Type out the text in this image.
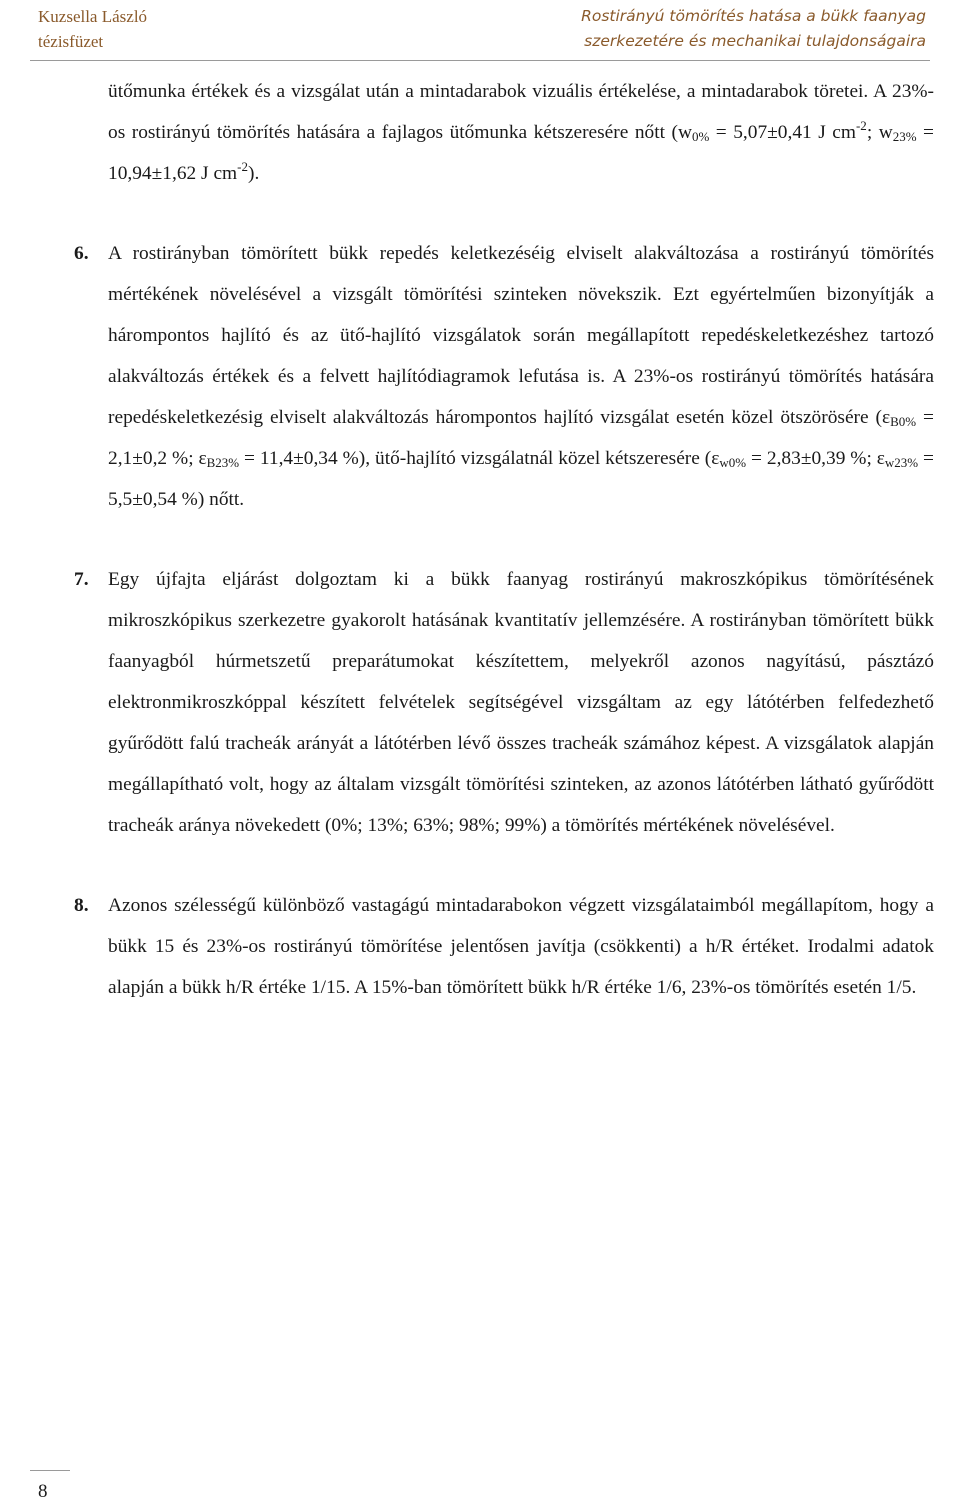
Kuzsella László
tézisfüzet
Rostirányú tömörítés hatása a bükk faanyag
szerkezetére és mechanikai tulajdonságaira

ütőmunka értékek és a vizsgálat után a mintadarabok vizuális értékelése, a mintadarabok töretei. A 23%-os rostirányú tömörítés hatására a fajlagos ütőmunka kétszeresére nőtt ($w_{0\%} = 5,07\pm 0,41$ J $cm^{-2}$; $w_{23\%} = 10,94\pm 1,62$ J $cm^{-2}$).

6. A rostirányban tömörített bükk repedés keletkezéséig elviselt alakváltozása a rostirányú tömörítés mértékének növelésével a vizsgált tömörítési szinteken növekszik. Ezt egyértelműen bizonyítják a hárompontos hajlító és az ütő-hajlító vizsgálatok során megállapított repedéskeletkezéshez tartozó alakváltozás értékek és a felvett hajlítódiagramok lefutása is. A 23%-os rostirányú tömörítés hatására repedéskeletkezésig elviselt alakváltozás hárompontos hajlító vizsgálat esetén közel ötszörösére ($\varepsilon_{B0\%} = 2,1\pm 0,2$ %; $\varepsilon_{B23\%} = 11,4\pm 0,34$ %), ütő-hajlító vizsgálatnál közel kétszeresére ($\varepsilon_{w0\%} = 2,83\pm 0,39$ %; $\varepsilon_{w23\%} = 5,5\pm 0,54$ %) nőtt.

7. Egy újfajta eljárást dolgoztam ki a bükk faanyag rostirányú makroszkópikus tömörítésének mikroszkópikus szerkezetre gyakorolt hatásának kvantitatív jellemzésére. A rostirányban tömörített bükk faanyagból húrmetszetű preparátumokat készítettem, melyekről azonos nagyítású, pásztázó elektronmikroszkóppal készített felvételek segítségével vizsgáltam az egy látótérben felfedezhető gyűrődött falú tracheák arányát a látótérben lévő összes tracheák számához képest. A vizsgálatok alapján megállapítható volt, hogy az általam vizsgált tömörítési szinteken, az azonos látótérben látható gyűrődött tracheák aránya növekedett (0%; 13%; 63%; 98%; 99%) a tömörítés mértékének növelésével.

8. Azonos szélességű különböző vastagágú mintadarabokon végzett vizsgálataimból megállapítom, hogy a bükk 15 és 23%-os rostirányú tömörítése jelentősen javítja (csökkenti) a h/R értéket. Irodalmi adatok alapján a bükk h/R értéke 1/15. A 15%-ban tömörített bükk h/R értéke 1/6, 23%-os tömörítés esetén 1/5.

8
